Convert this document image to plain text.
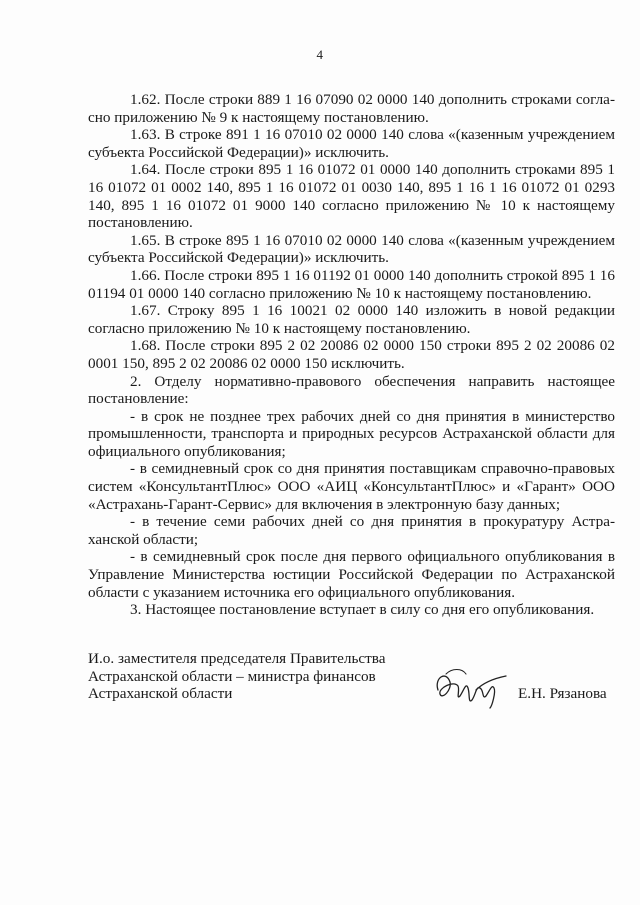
4

1.62. После строки 889 1 16 07090 02 0000 140 дополнить строками согласно приложению № 9 к настоящему постановлению.

1.63. В строке 891 1 16 07010 02 0000 140 слова «(казенным учреждением субъекта Российской Федерации)» исключить.

1.64. После строки 895 1 16 01072 01 0000 140 дополнить строками 895 1 16 01072 01 0002 140, 895 1 16 01072 01 0030 140, 895 1 16 1 16 01072 01 0293 140, 895 1 16 01072 01 9000 140 согласно приложению № 10 к настоящему постановлению.

1.65. В строке 895 1 16 07010 02 0000 140 слова «(казенным учреждением субъекта Российской Федерации)» исключить.

1.66. После строки 895 1 16 01192 01 0000 140 дополнить строкой 895 1 16 01194 01 0000 140 согласно приложению № 10 к настоящему постановлению.

1.67. Строку 895 1 16 10021 02 0000 140 изложить в новой редакции согласно приложению № 10 к настоящему постановлению.

1.68. После строки 895 2 02 20086 02 0000 150 строки 895 2 02 20086 02 0001 150, 895 2 02 20086 02 0000 150 исключить.

2. Отделу нормативно-правового обеспечения направить настоящее постановление:

- в срок не позднее трех рабочих дней со дня принятия в министерство промышленности, транспорта и природных ресурсов Астраханской области для официального опубликования;

- в семидневный срок со дня принятия поставщикам справочно-правовых систем «КонсультантПлюс» ООО «АИЦ «КонсультантПлюс» и «Гарант» ООО «Астрахань-Гарант-Сервис» для включения в электронную базу данных;

- в течение семи рабочих дней со дня принятия в прокуратуру Астраханской области;

- в семидневный срок после дня первого официального опубликования в Управление Министерства юстиции Российской Федерации по Астраханской области с указанием источника его официального опубликования.

3. Настоящее постановление вступает в силу со дня его опубликования.

И.о. заместителя председателя Правительства
Астраханской области – министра финансов
Астраханской области	Е.Н. Рязанова
